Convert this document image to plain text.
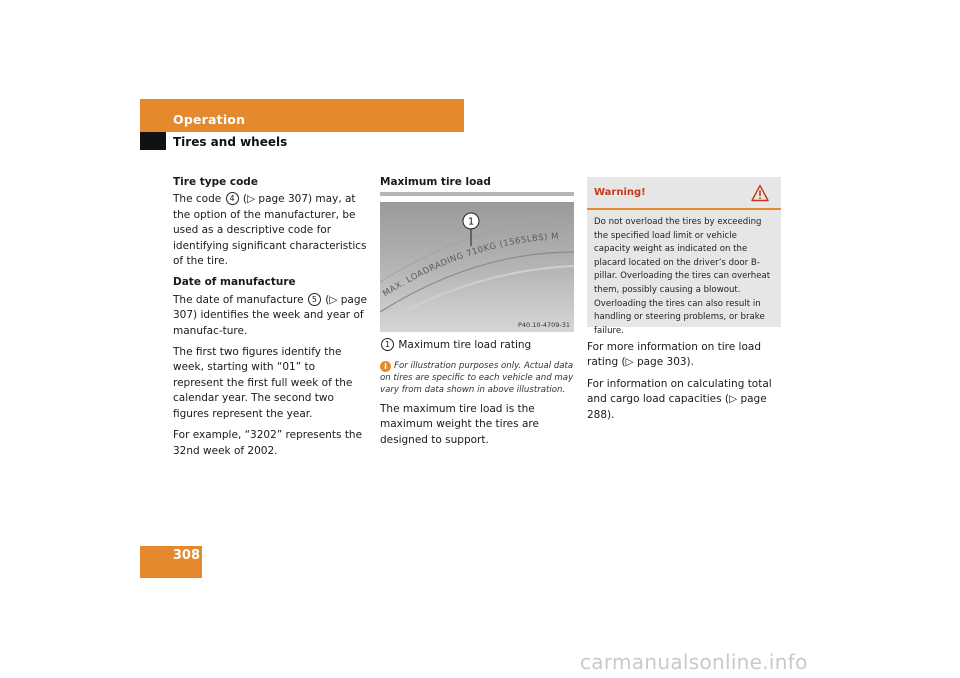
Operation
Tires and wheels
Tire type code

The code 4 (▷ page 307) may, at the option of the manufacturer, be used as a descriptive code for identifying significant characteristics of the tire.

Date of manufacture

The date of manufacture 5 (▷ page 307) identifies the week and year of manufac-ture.

The first two figures identify the week, starting with “01” to represent the first full week of the calendar year. The second two figures represent the year.

For example, “3202” represents the 32nd week of 2002.

Maximum tire load
MAX. LOADRADING 710KG (1565LBS) M
1
P40.10-4709-31

1 Maximum tire load rating

i For illustration purposes only. Actual data on tires are specific to each vehicle and may vary from data shown in above illustration.

The maximum tire load is the maximum weight the tires are designed to support.

Warning!
Do not overload the tires by exceeding the specified load limit or vehicle capacity weight as indicated on the placard located on the driver’s door B-pillar. Overloading the tires can overheat them, possibly causing a blowout. Overloading the tires can also result in handling or steering problems, or brake failure.

For more information on tire load rating (▷ page 303).

For information on calculating total and cargo load capacities (▷ page 288).

308
carmanualsonline.info
